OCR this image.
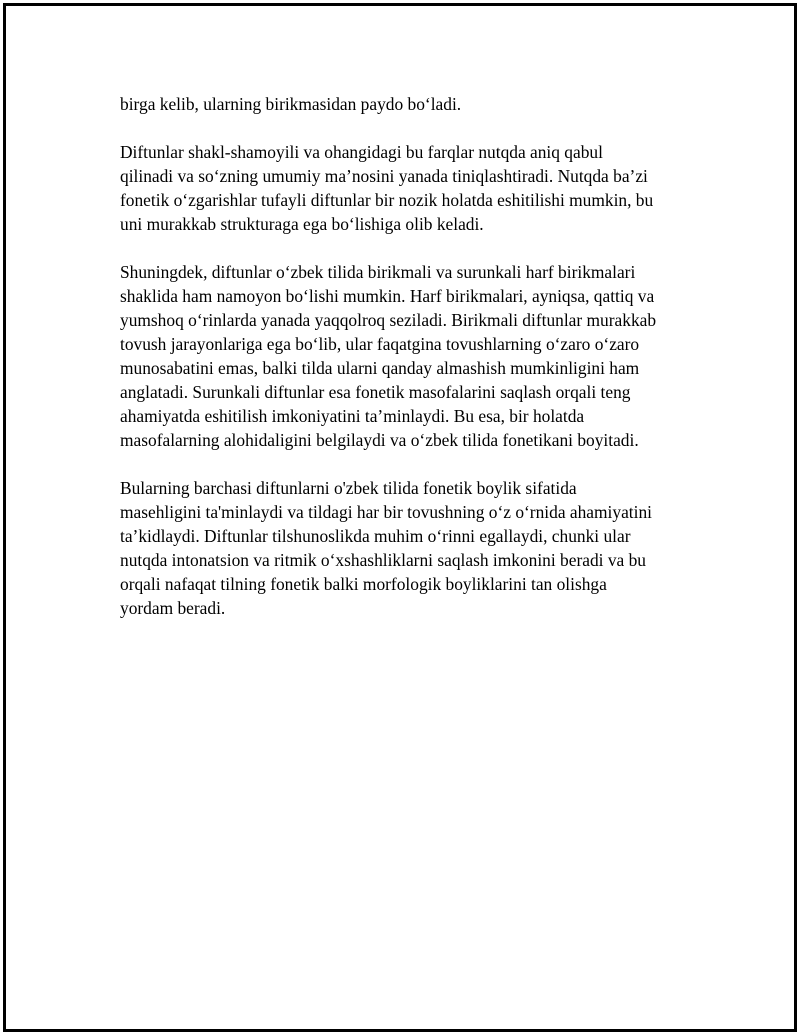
birga kelib, ularning birikmasidan paydo bo‘ladi.

Diftunlar shakl-shamoyili va ohangidagi bu farqlar nutqda aniq qabul
qilinadi va so‘zning umumiy ma’nosini yanada tiniqlashtiradi. Nutqda ba’zi
fonetik o‘zgarishlar tufayli diftunlar bir nozik holatda eshitilishi mumkin, bu
uni murakkab strukturaga ega bo‘lishiga olib keladi.

Shuningdek, diftunlar o‘zbek tilida birikmali va surunkali harf birikmalari
shaklida ham namoyon bo‘lishi mumkin. Harf birikmalari, ayniqsa, qattiq va
yumshoq o‘rinlarda yanada yaqqolroq seziladi. Birikmali diftunlar murakkab
tovush jarayonlariga ega bo‘lib, ular faqatgina tovushlarning o‘zaro o‘zaro
munosabatini emas, balki tilda ularni qanday almashish mumkinligini ham
anglatadi. Surunkali diftunlar esa fonetik masofalarini saqlash orqali teng
ahamiyatda eshitilish imkoniyatini ta’minlaydi. Bu esa, bir holatda
masofalarning alohidaligini belgilaydi va o‘zbek tilida fonetikani boyitadi.

Bularning barchasi diftunlarni o'zbek tilida fonetik boylik sifatida
masehligini ta'minlaydi va tildagi har bir tovushning o‘z o‘rnida ahamiyatini
ta’kidlaydi. Diftunlar tilshunoslikda muhim o‘rinni egallaydi, chunki ular
nutqda intonatsion va ritmik o‘xshashliklarni saqlash imkonini beradi va bu
orqali nafaqat tilning fonetik balki morfologik boyliklarini tan olishga
yordam beradi.
